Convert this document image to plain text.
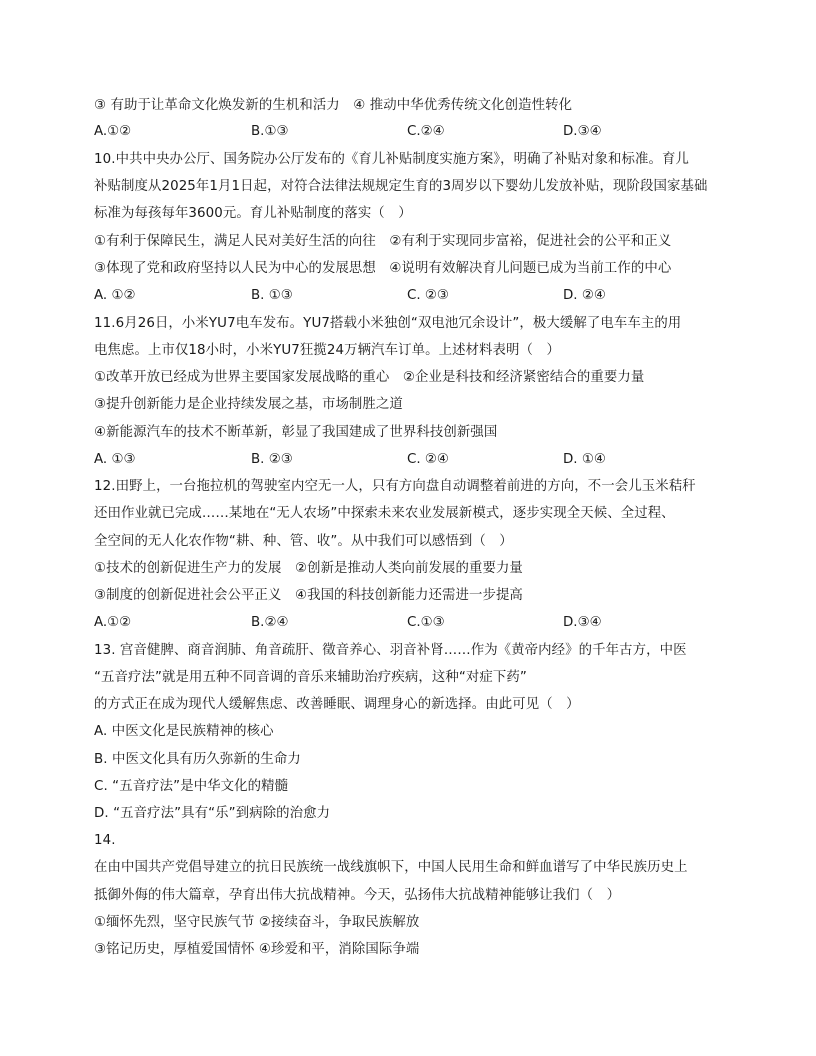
③ 有助于让革命文化焕发新的生机和活力　④ 推动中华优秀传统文化创造性转化
A.①②	B.①③	C.②④	D.③④
10.中共中央办公厅、国务院办公厅发布的《育儿补贴制度实施方案》，明确了补贴对象和标准。育儿
补贴制度从2025年1月1日起，对符合法律法规规定生育的3周岁以下婴幼儿发放补贴，现阶段国家基础
标准为每孩每年3600元。育儿补贴制度的落实（　）
①有利于保障民生，满足人民对美好生活的向往　②有利于实现同步富裕，促进社会的公平和正义
③体现了党和政府坚持以人民为中心的发展思想　④说明有效解决育儿问题已成为当前工作的中心
A. ①②	B. ①③	C. ②③	D. ②④
11.6月26日，小米YU7电车发布。YU7搭载小米独创“双电池冗余设计”，极大缓解了电车车主的用
电焦虑。上市仅18小时，小米YU7狂揽24万辆汽车订单。上述材料表明（　）
①改革开放已经成为世界主要国家发展战略的重心　②企业是科技和经济紧密结合的重要力量
③提升创新能力是企业持续发展之基，市场制胜之道
④新能源汽车的技术不断革新，彰显了我国建成了世界科技创新强国
A. ①③	B. ②③	C. ②④	D. ①④
12.田野上，一台拖拉机的驾驶室内空无一人，只有方向盘自动调整着前进的方向，不一会儿玉米秸秆
还田作业就已完成……某地在“无人农场”中探索未来农业发展新模式，逐步实现全天候、全过程、
全空间的无人化农作物“耕、种、管、收”。从中我们可以感悟到（　）
①技术的创新促进生产力的发展　②创新是推动人类向前发展的重要力量
③制度的创新促进社会公平正义　④我国的科技创新能力还需进一步提高
A.①②	B.②④	C.①③	D.③④
13. 宫音健脾、商音润肺、角音疏肝、徵音养心、羽音补肾……作为《黄帝内经》的千年古方，中医
“五音疗法”就是用五种不同音调的音乐来辅助治疗疾病，这种“对症下药”
的方式正在成为现代人缓解焦虑、改善睡眠、调理身心的新选择。由此可见（　）
A. 中医文化是民族精神的核心
B. 中医文化具有历久弥新的生命力
C. “五音疗法”是中华文化的精髓
D. “五音疗法”具有“乐”到病除的治愈力
14.
在由中国共产党倡导建立的抗日民族统一战线旗帜下，中国人民用生命和鲜血谱写了中华民族历史上
抵御外侮的伟大篇章，孕育出伟大抗战精神。今天，弘扬伟大抗战精神能够让我们（　）
①缅怀先烈，坚守民族气节 ②接续奋斗，争取民族解放
③铭记历史，厚植爱国情怀 ④珍爱和平，消除国际争端
